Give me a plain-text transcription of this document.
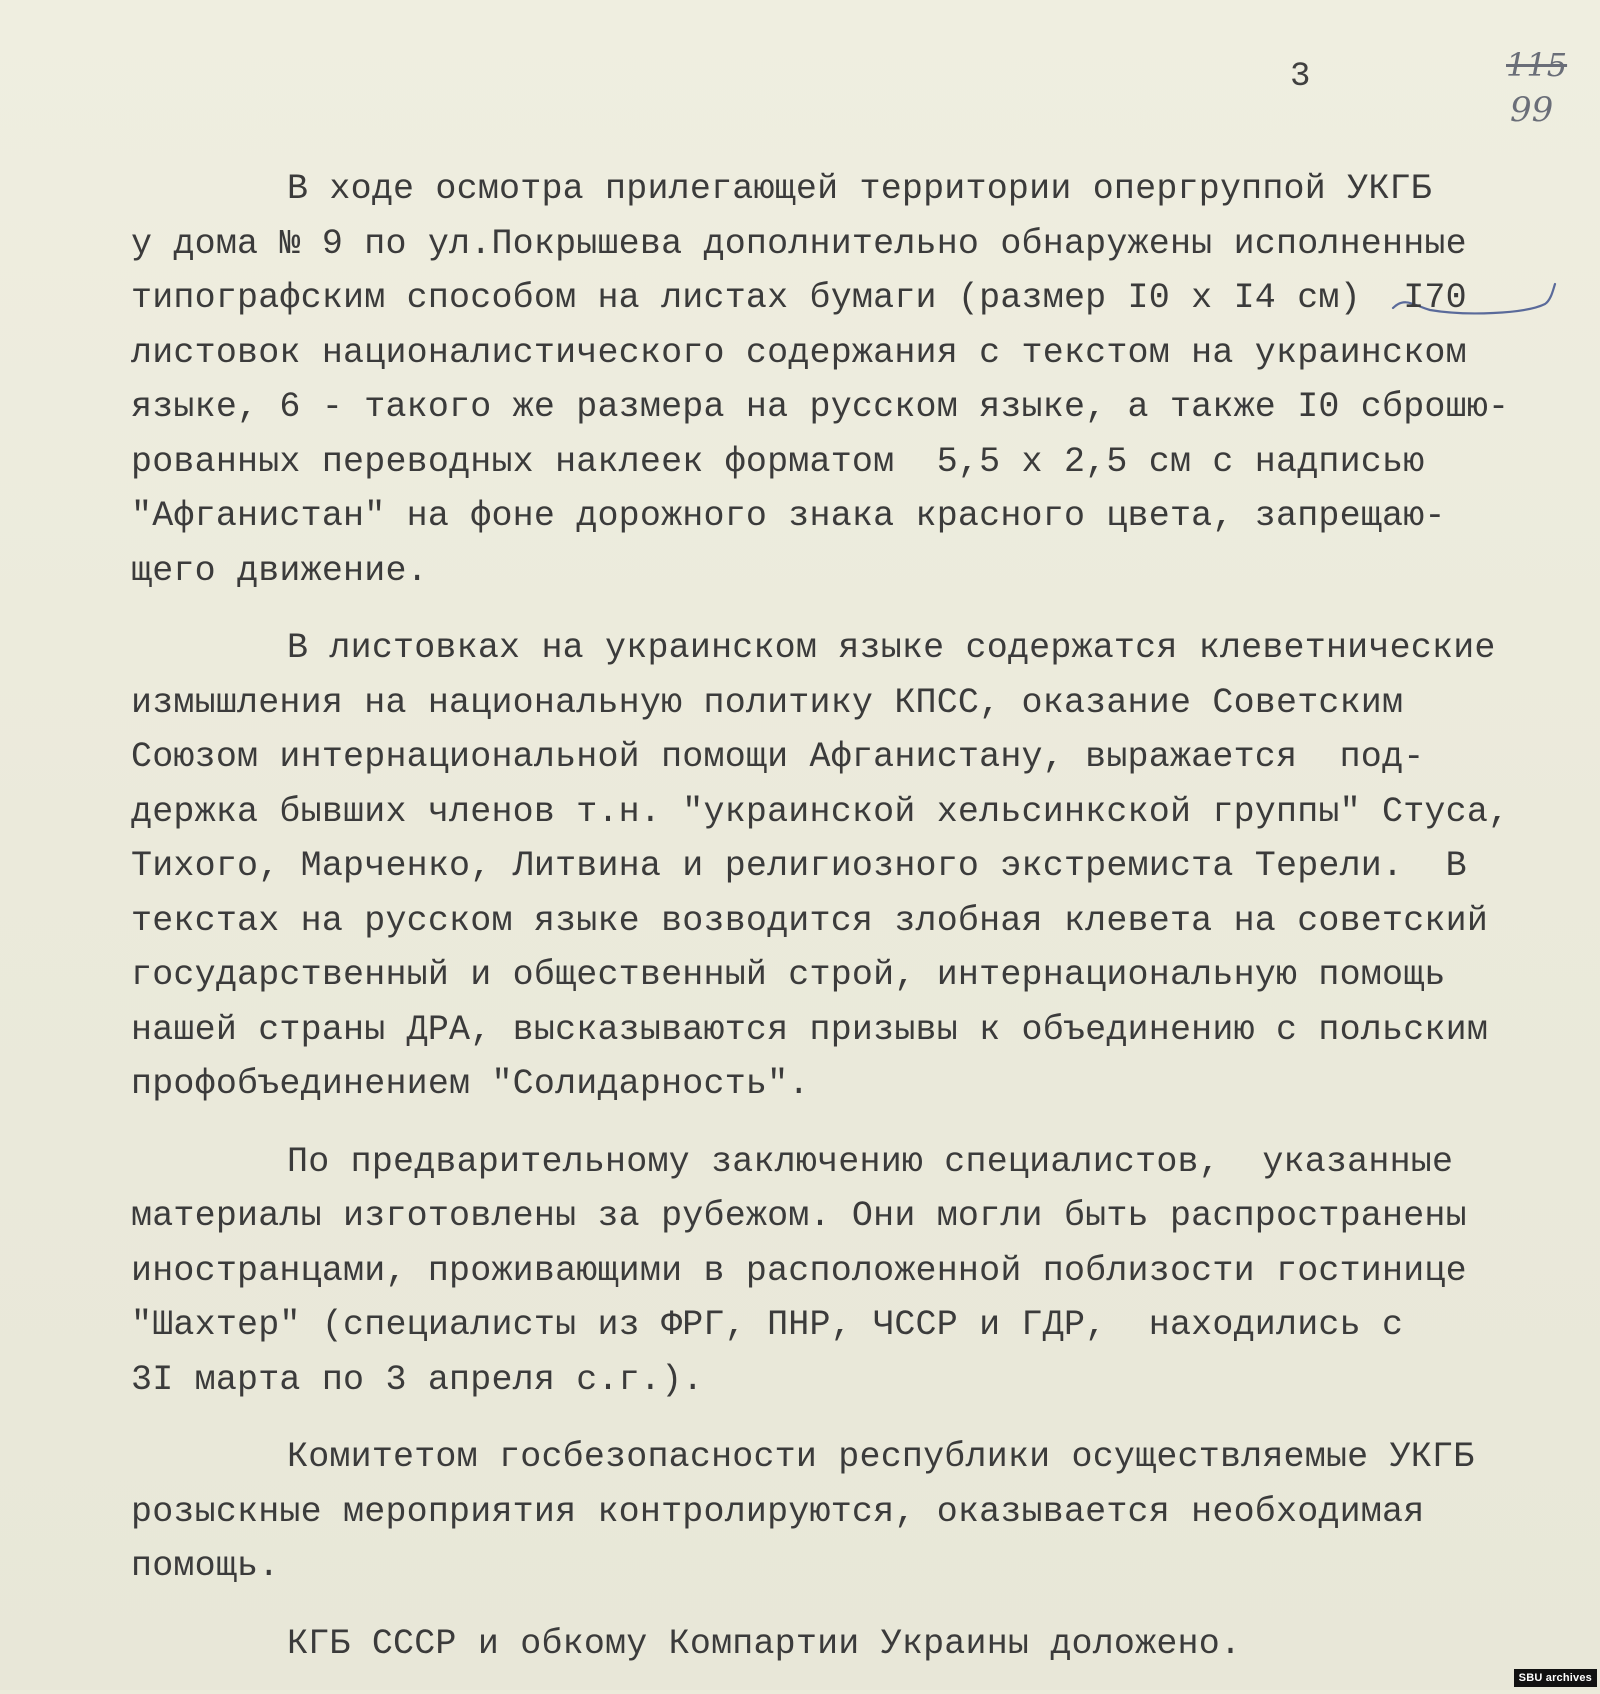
3	115

99

В ходе осмотра прилегающей территории опергруппой УКГБ
у дома № 9 по ул.Покрышева дополнительно обнаружены исполненные
типографским способом на листах бумаги (размер I0 x I4 см)  I70
листовок националистического содержания с текстом на украинском
языке, 6 - такого же размера на русском языке, а также I0 сброшю-
рованных переводных наклеек форматом  5,5 x 2,5 см с надписью
"Афганистан" на фоне дорожного знака красного цвета, запрещаю-
щего движение.
В листовках на украинском языке содержатся клеветнические
измышления на национальную политику КПСС, оказание Советским
Союзом интернациональной помощи Афганистану, выражается  под-
держка бывших членов т.н. "украинской хельсинкской группы" Стуса,
Тихого, Марченко, Литвина и религиозного экстремиста Терели.  В
текстах на русском языке возводится злобная клевета на советский
государственный и общественный строй, интернациональную помощь
нашей страны ДРА, высказываются призывы к объединению с польским
профобъединением "Солидарность".
По предварительному заключению специалистов,  указанные
материалы изготовлены за рубежом. Они могли быть распространены
иностранцами, проживающими в расположенной поблизости гостинице
"Шахтер" (специалисты из ФРГ, ПНР, ЧССР и ГДР,  находились с
3I марта по 3 апреля с.г.).
Комитетом госбезопасности республики осуществляемые УКГБ
розыскные мероприятия контролируются, оказывается необходимая
помощь.
КГБ СССР и обкому Компартии Украины доложено.
SBU archives
